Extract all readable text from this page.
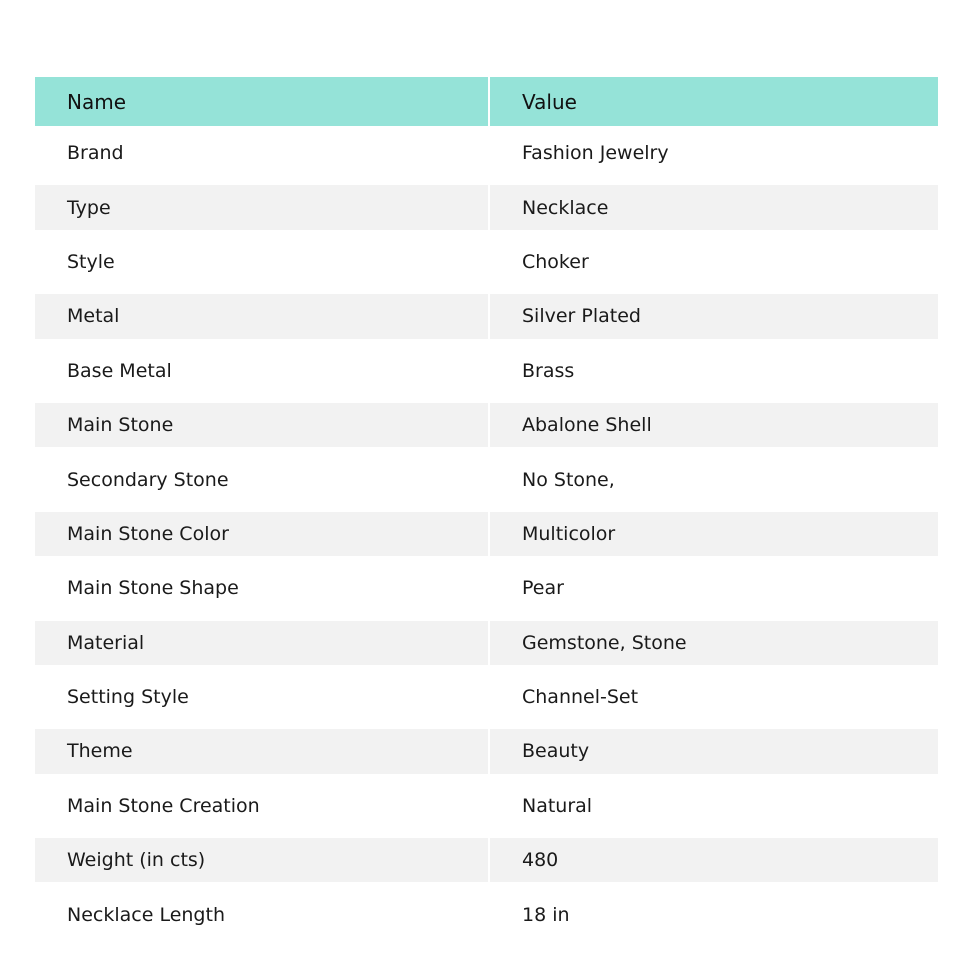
Name	Value
Brand	Fashion Jewelry
Type	Necklace
Style	Choker
Metal	Silver Plated
Base Metal	Brass
Main Stone	Abalone Shell
Secondary Stone	No Stone,
Main Stone Color	Multicolor
Main Stone Shape	Pear
Material	Gemstone, Stone
Setting Style	Channel-Set
Theme	Beauty
Main Stone Creation	Natural
Weight (in cts)	480
Necklace Length	18 in
